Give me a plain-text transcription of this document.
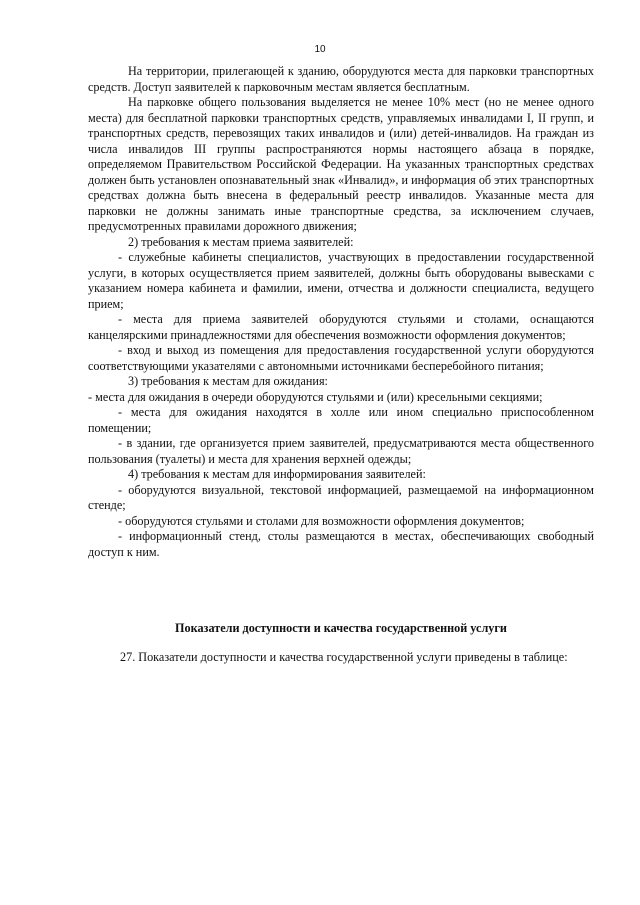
10

На территории, прилегающей к зданию, оборудуются места для парковки транспортных средств. Доступ заявителей к парковочным местам является бесплатным.

На парковке общего пользования выделяется не менее 10% мест (но не менее одного места) для бесплатной парковки транспортных средств, управляемых инвалидами I, II групп, и транспортных средств, перевозящих таких инвалидов и (или) детей-инвалидов. На граждан из числа инвалидов III группы распространяются нормы настоящего абзаца в порядке, определяемом Правительством Российской Федерации. На указанных транспортных средствах должен быть установлен опознавательный знак «Инвалид», и информация об этих транспортных средствах должна быть внесена в федеральный реестр инвалидов. Указанные места для парковки не должны занимать иные транспортные средства, за исключением случаев, предусмотренных правилами дорожного движения;

2) требования к местам приема заявителей:

- служебные кабинеты специалистов, участвующих в предоставлении государственной услуги, в которых осуществляется прием заявителей, должны быть оборудованы вывесками с указанием номера кабинета и фамилии, имени, отчества и должности специалиста, ведущего прием;

- места для приема заявителей оборудуются стульями и столами, оснащаются канцелярскими принадлежностями для обеспечения возможности оформления документов;

- вход и выход из помещения для предоставления государственной услуги оборудуются соответствующими указателями с автономными источниками бесперебойного питания;

3) требования к местам для ожидания:

- места для ожидания в очереди оборудуются стульями и (или) кресельными секциями;

- места для ожидания находятся в холле или ином специально приспособленном помещении;

- в здании, где организуется прием заявителей, предусматриваются места общественного пользования (туалеты) и места для хранения верхней одежды;

4) требования к местам для информирования заявителей:

- оборудуются визуальной, текстовой информацией, размещаемой на информационном стенде;

- оборудуются стульями и столами для возможности оформления документов;

- информационный стенд, столы размещаются в местах, обеспечивающих свободный доступ к ним.

Показатели доступности и качества государственной услуги

27. Показатели доступности и качества государственной услуги приведены в таблице:
